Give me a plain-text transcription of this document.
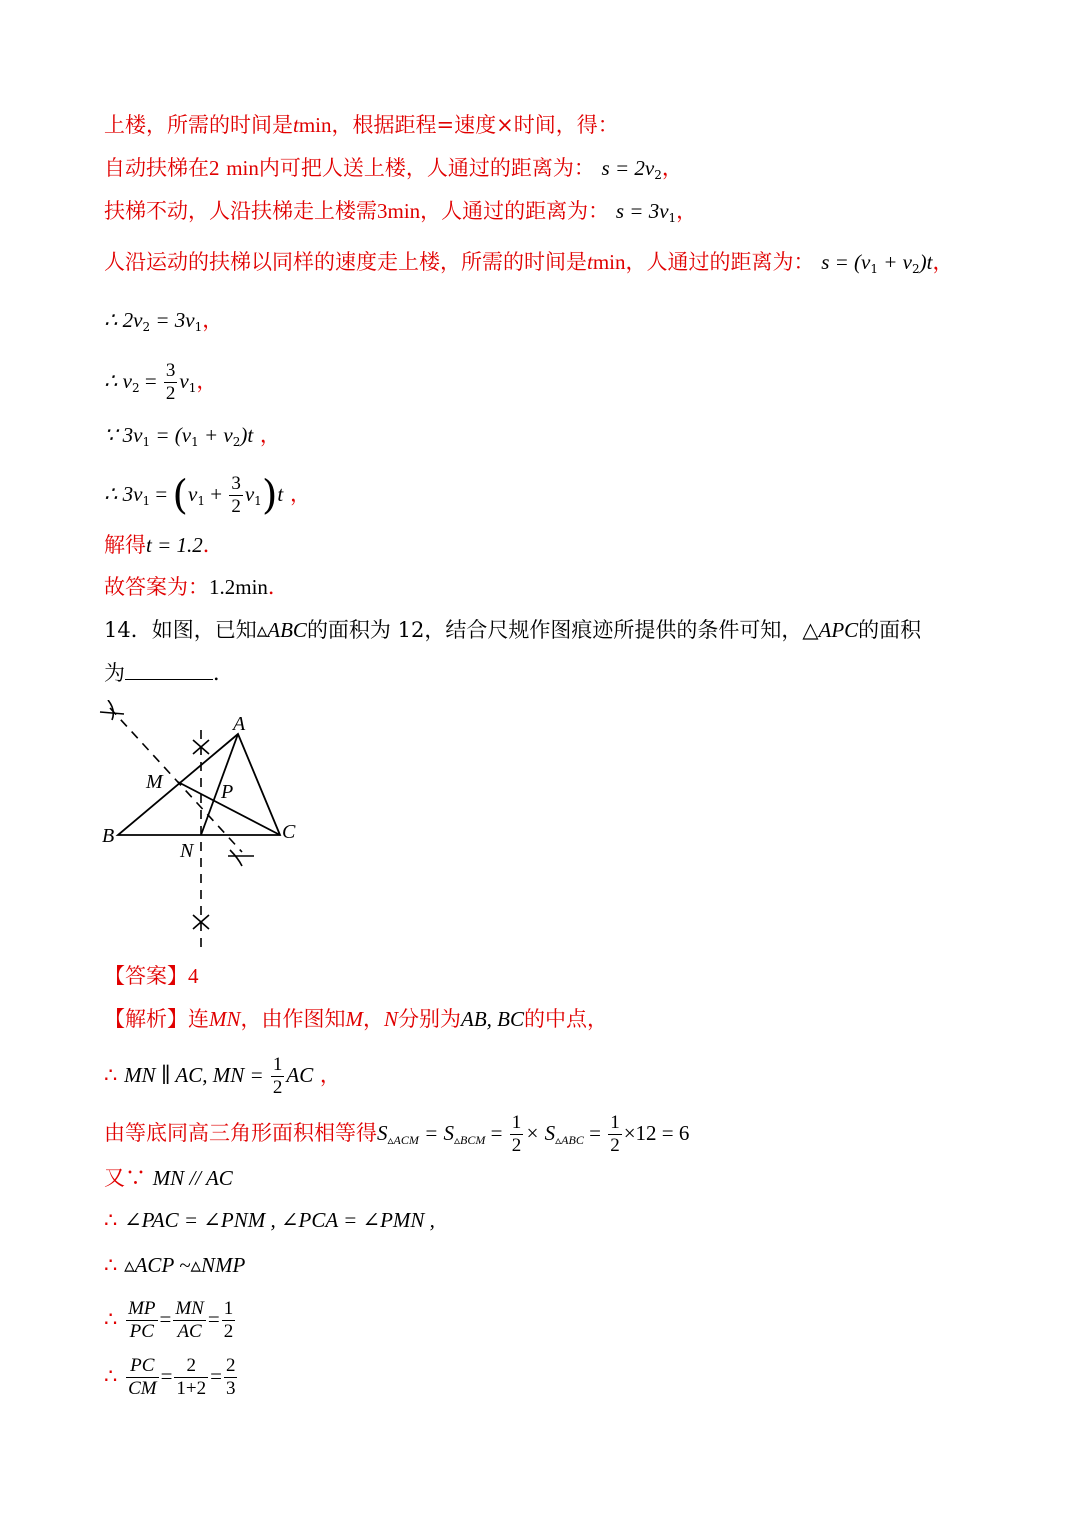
上楼，所需的时间是tmin，根据距程=速度×时间，得：
自动扶梯在2 min内可把人送上楼，人通过的距离为： $s = 2v_2$，
扶梯不动，人沿扶梯走上楼需3min，人通过的距离为： $s = 3v_1$，
人沿运动的扶梯以同样的速度走上楼，所需的时间是tmin，人通过的距离为： $s = (v_1 + v_2)t$，
∴ $2v_2 = 3v_1$，
∴ $v_2 = \frac{3}{2} v_1$，
∵ $3v_1 = (v_1 + v_2)t$ ，
∴ $3v_1 = (v_1 + \frac{3}{2} v_1)t$ ，
解得t = 1.2．
故答案为：1.2min．
14．如图，已知▵ABC的面积为 12，结合尺规作图痕迹所提供的条件可知，△APC的面积
为	．
A
B	C
M
N
P
【答案】4
【解析】连MN，由作图知M，N分别为AB, BC的中点，
∴ MN ∥ AC, MN = $\frac{1}{2}$ AC ，
由等底同高三角形面积相等得$S_{▵ACM} = S_{▵BCM} = \frac{1}{2} \times S_{▵ABC} = \frac{1}{2} \times 12 = 6$
又∵ MN // AC
∴ ∠PAC = ∠PNM , ∠PCA = ∠PMN ,
∴ ▵ACP ~▵NMP
∴ $\frac{MP}{PC} = \frac{MN}{AC} = \frac{1}{2}$
∴ $\frac{PC}{CM} = \frac{2}{1+2} = \frac{2}{3}$
